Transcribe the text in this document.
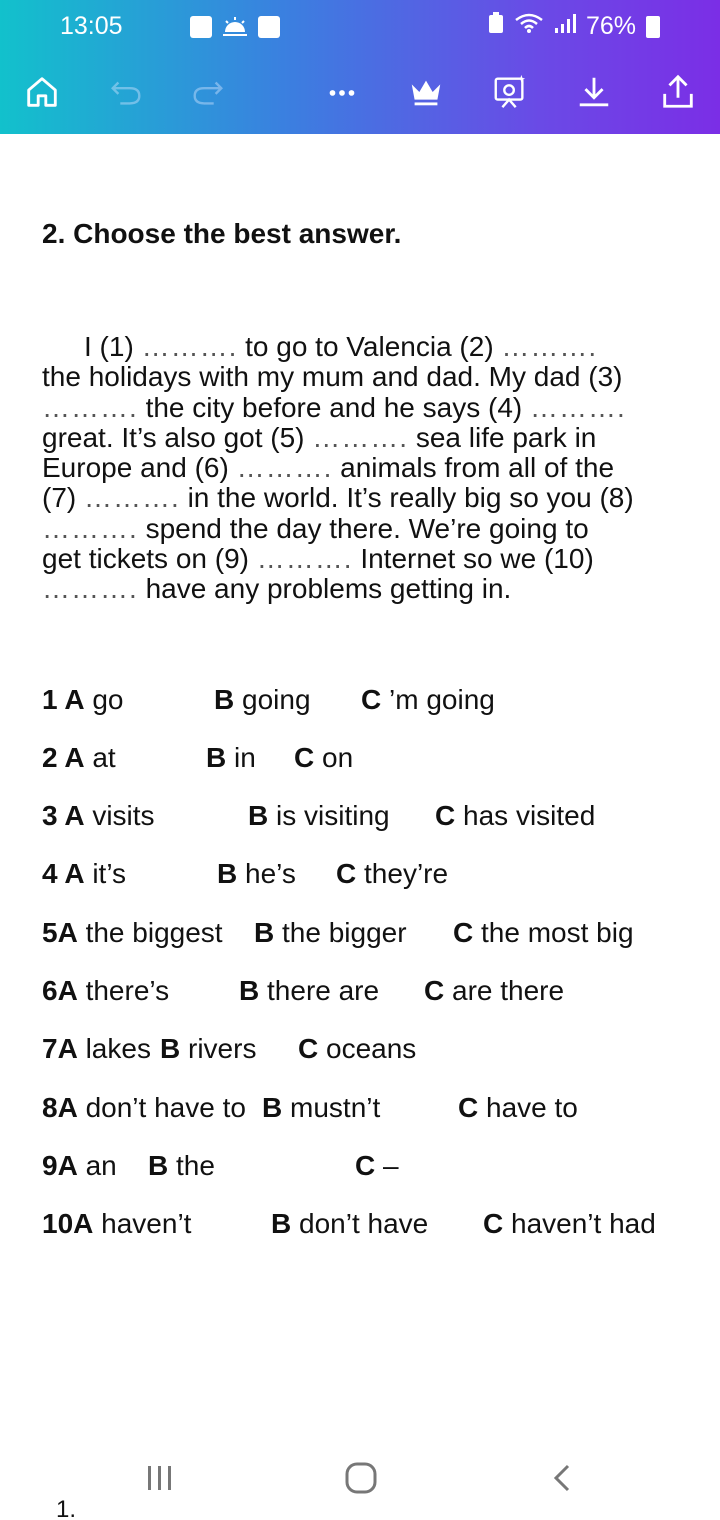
13:05	76%
2. Choose the best answer.
I (1) ………. to go to Valencia (2) ……….
the holidays with my mum and dad. My dad (3)
………. the city before and he says (4) ……….
great. It’s also got (5) ………. sea life park in
Europe and (6) ………. animals from all of the
(7) ………. in the world. It’s really big so you (8)
………. spend the day there. We’re going to
get tickets on (9) ………. Internet so we (10)
………. have any problems getting in.
1 A go	B going C ’m going
2 A at	B in C on
3 A visits	B is visiting C has visited
4 A it’s	B he’s C they’re
5A the biggest B the bigger C the most big
6A there’s B there are C are there
7A lakes B rivers C oceans
8A don’t have to B mustn’t	C have to
9A an B the	C –
10A haven’t	B don’t have C haven’t had
1.
